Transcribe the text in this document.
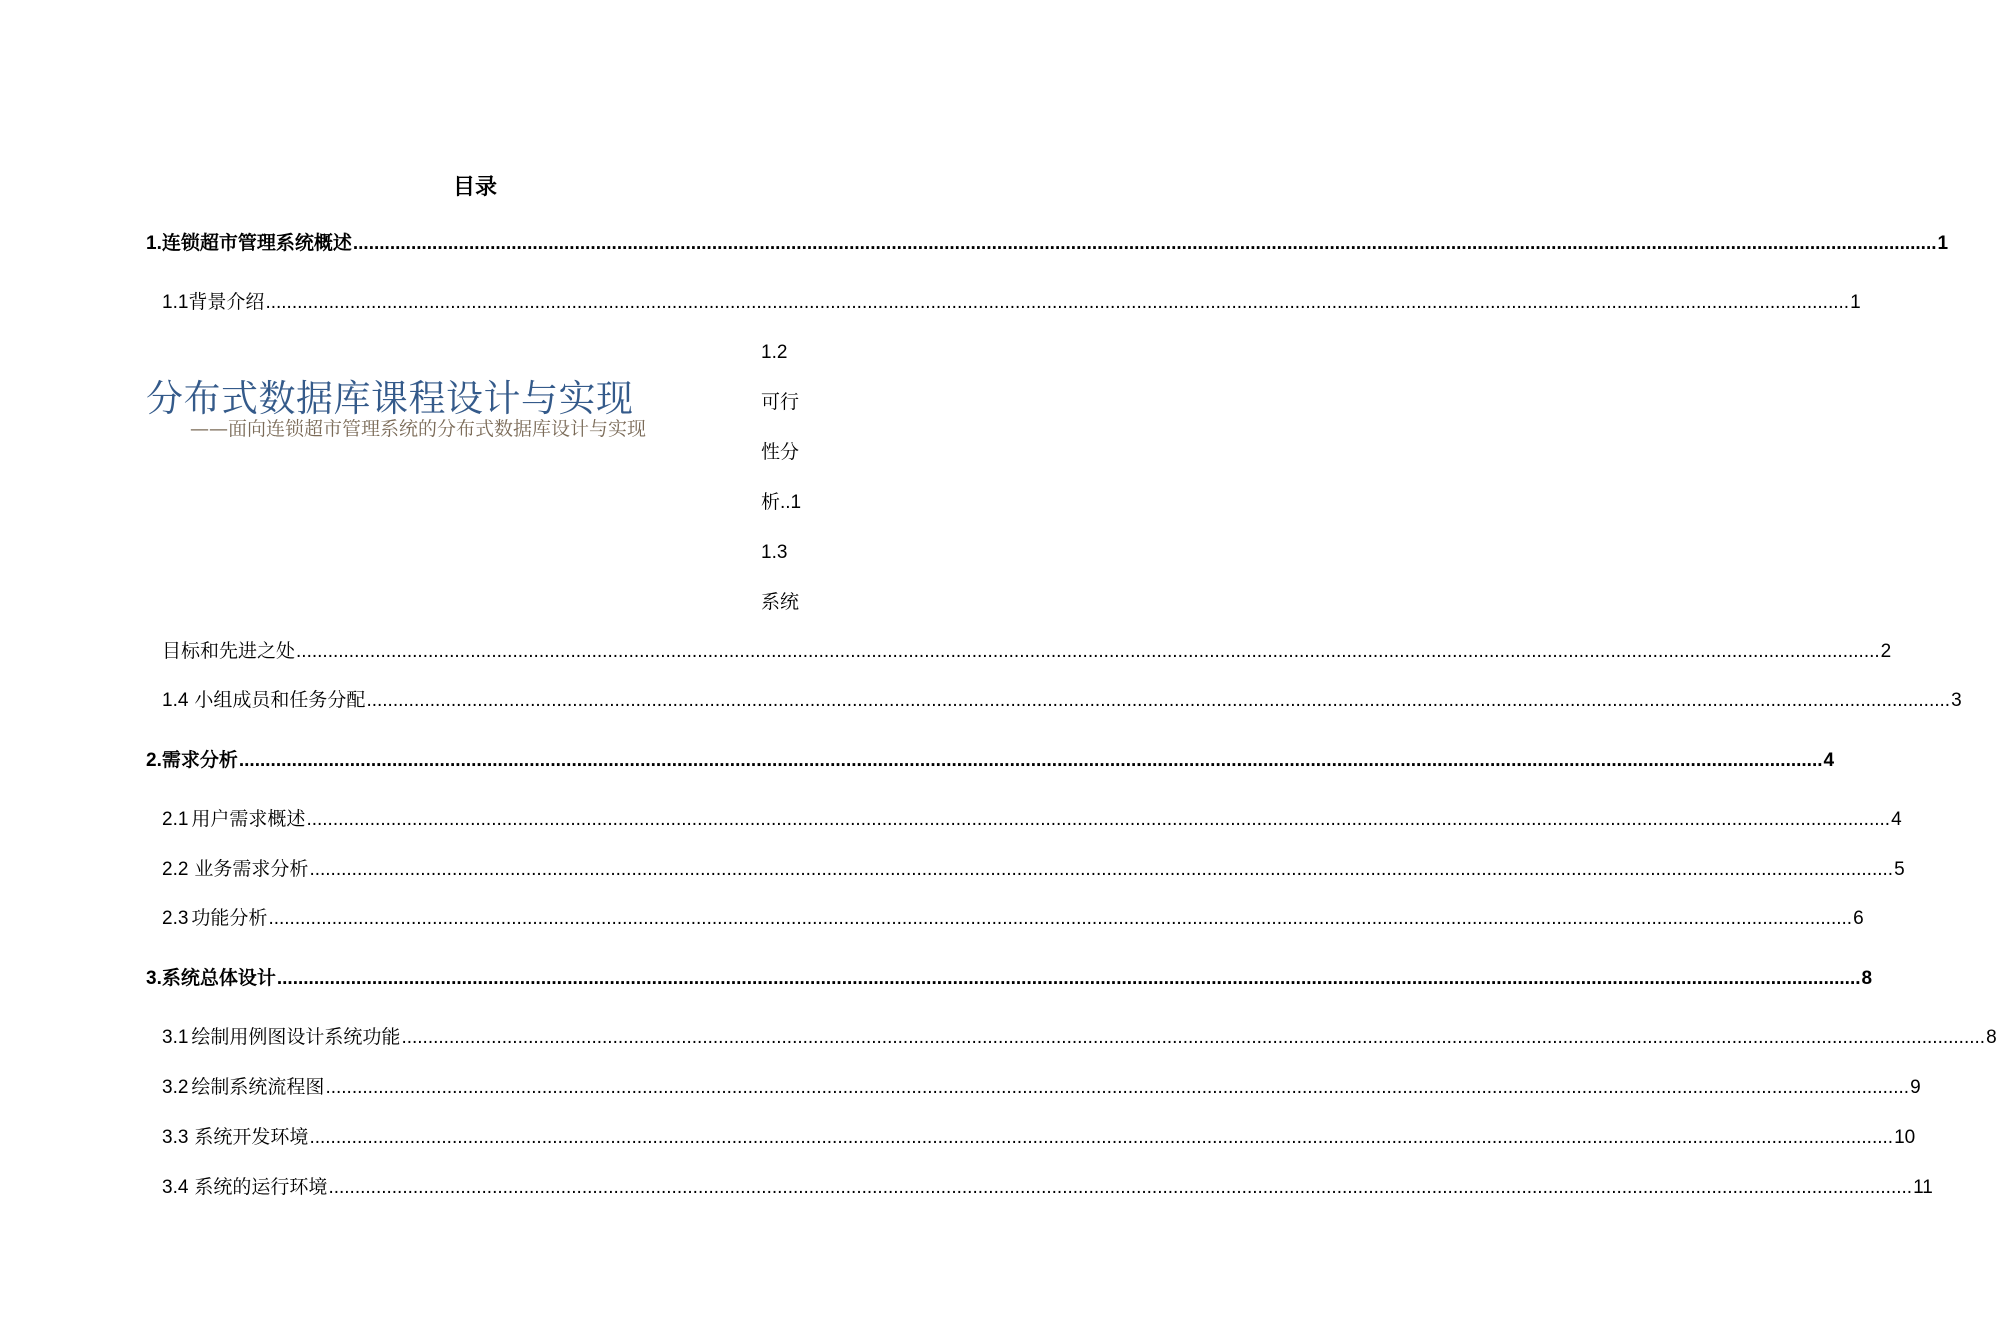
目录
1. 连锁超市管理系统概述 ............................................................................................................................................................................................................................................................................................................ 1
1.1 背景介绍 ............................................................................................................................................................................................................................................................................................................ 1
1.2
可行
性分
析..1
1.3
系统
分布式数据库课程设计与实现
——面向连锁超市管理系统的分布式数据库设计与实现
目标和先进之处 ............................................................................................................................................................................................................................................................................................................ 2
1.4 小组成员和任务分配 ............................................................................................................................................................................................................................................................................................................ 3
2. 需求分析 ............................................................................................................................................................................................................................................................................................................ 4
2.1 用户需求概述 ............................................................................................................................................................................................................................................................................................................ 4
2.2 业务需求分析 ............................................................................................................................................................................................................................................................................................................ 5
2.3 功能分析 ............................................................................................................................................................................................................................................................................................................ 6
3. 系统总体设计 ............................................................................................................................................................................................................................................................................................................ 8
3.1 绘制用例图设计系统功能 ............................................................................................................................................................................................................................................................................................................ 8
3.2 绘制系统流程图 ............................................................................................................................................................................................................................................................................................................ 9
3.3 系统开发环境 ............................................................................................................................................................................................................................................................................................................ 10
3.4 系统的运行环境 ............................................................................................................................................................................................................................................................................................................ 11
